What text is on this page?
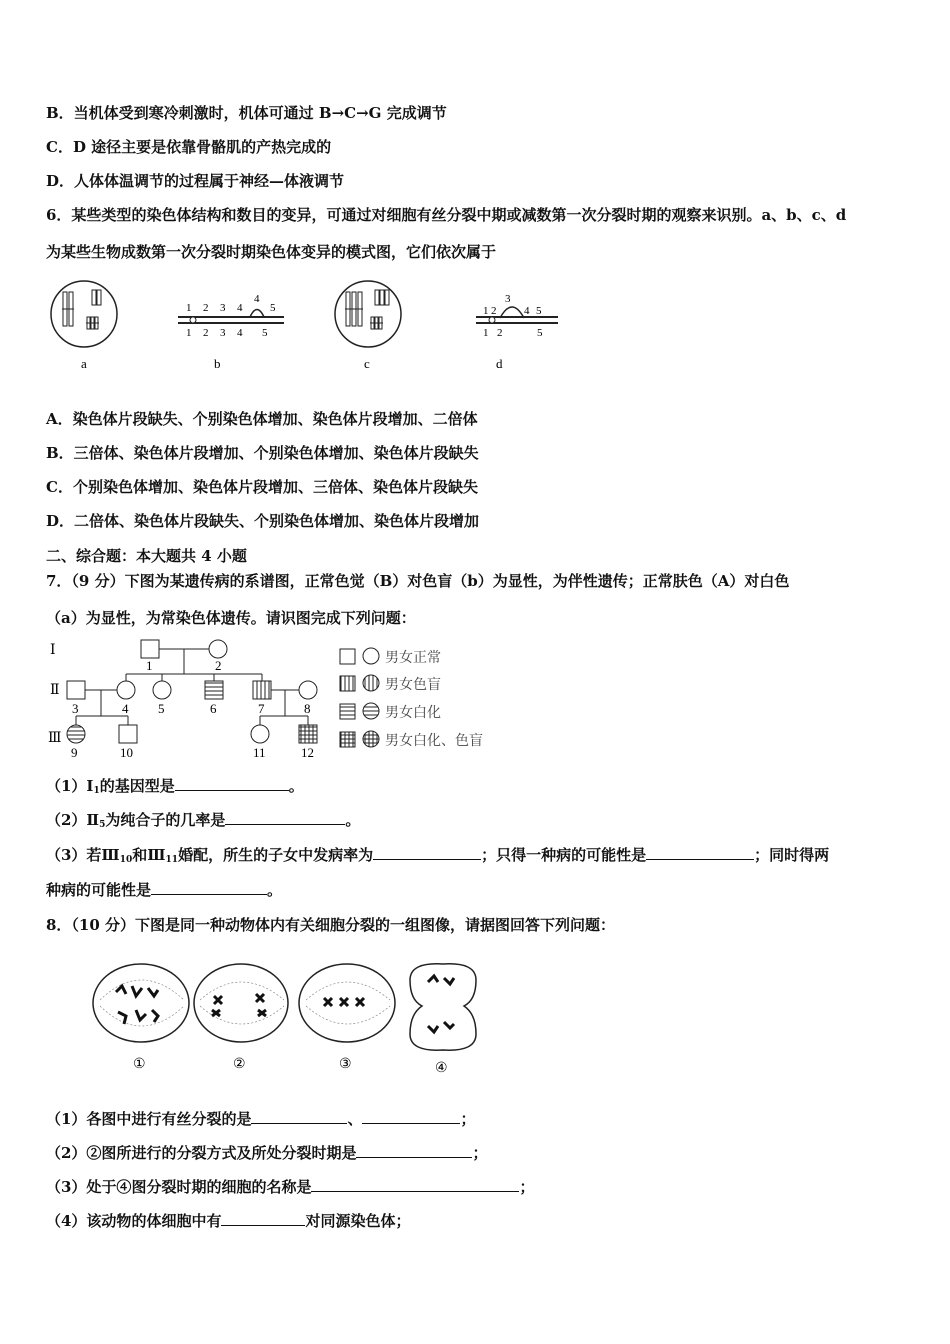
B．当机体受到寒冷刺激时，机体可通过 B→C→G 完成调节
C．D 途径主要是依靠骨骼肌的产热完成的
D．人体体温调节的过程属于神经—体液调节
6．某些类型的染色体结构和数目的变异，可通过对细胞有丝分裂中期或减数第一次分裂时期的观察来识别。a、b、c、d
为某些生物成数第一次分裂时期染色体变异的模式图，它们依次属于
a
1 2 3 4
4
5
1 2 3 4 5
b	c
1 2
3
4 5
1 2	5
d
A．染色体片段缺失、个别染色体增加、染色体片段增加、二倍体
B．三倍体、染色体片段增加、个别染色体增加、染色体片段缺失
C．个别染色体增加、染色体片段增加、三倍体、染色体片段缺失
D．二倍体、染色体片段缺失、个别染色体增加、染色体片段增加
二、综合题：本大题共 4 小题
7．（9 分）下图为某遗传病的系谱图，正常色觉（B）对色盲（b）为显性，为伴性遗传；正常肤色（A）对白色
（a）为显性，为常染色体遗传。请识图完成下列问题：
Ⅰ
Ⅱ
Ⅲ
1	2
3	4 5	6	7	8
9	10	11	12
男女正常
男女色盲
男女白化
男女白化、色盲
$(1)Ⅰ_1$的基因型是	。
$(2)Ⅱ_5$为纯合子的几率是	。
（3）若$Ⅲ_{10}$和$Ⅲ_{11}$婚配，所生的子女中发病率为	；只得一种病的可能性是	；同时得两
种病的可能性是	。
8．（10 分）下图是同一种动物体内有关细胞分裂的一组图像，请据图回答下列问题：
①	②	③	④
（1）各图中进行有丝分裂的是	、	；
（2）②图所进行的分裂方式及所处分裂时期是	；
（3）处于④图分裂时期的细胞的名称是	；
（4）该动物的体细胞中有	对同源染色体；
